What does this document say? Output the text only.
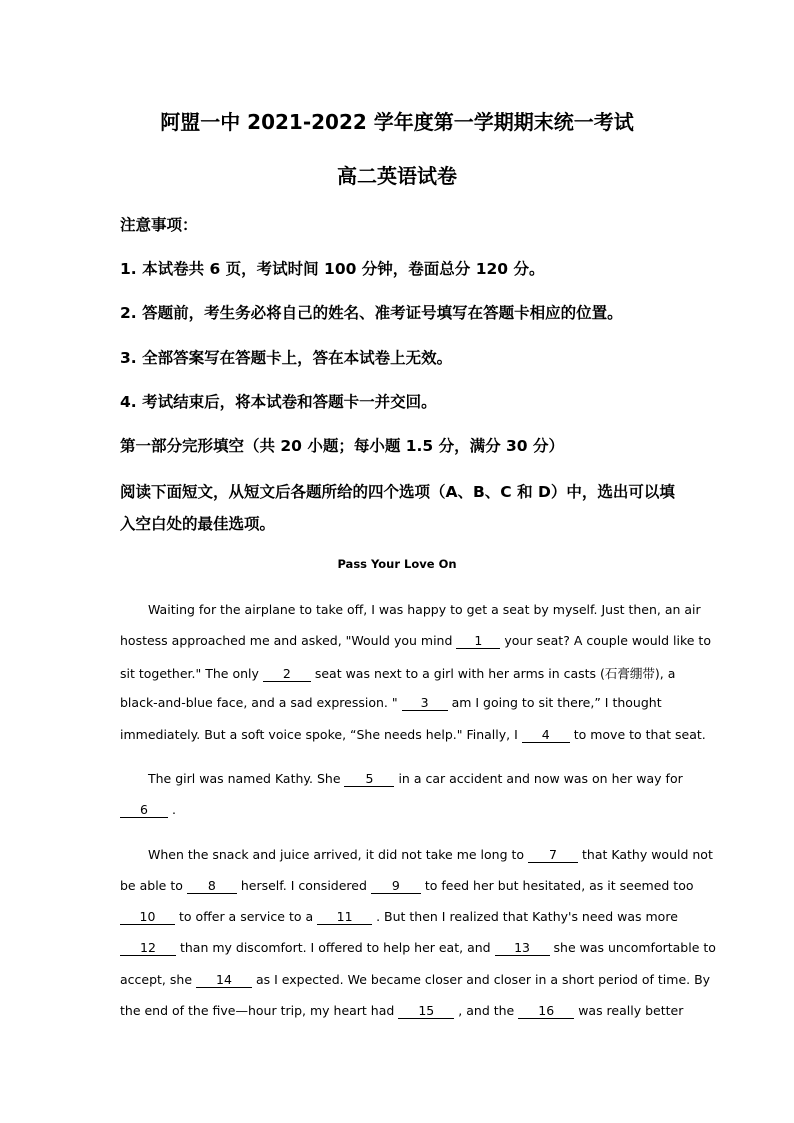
阿盟一中 2021-2022 学年度第一学期期末统一考试
高二英语试卷
注意事项：
1. 本试卷共 6 页，考试时间 100 分钟，卷面总分 120 分。
2. 答题前，考生务必将自己的姓名、准考证号填写在答题卡相应的位置。
3. 全部答案写在答题卡上，答在本试卷上无效。
4. 考试结束后，将本试卷和答题卡一并交回。
第一部分完形填空（共 20 小题；每小题 1.5 分，满分 30 分）
阅读下面短文，从短文后各题所给的四个选项（A、B、C 和 D）中，选出可以填
入空白处的最佳选项。
Pass Your Love On
Waiting for the airplane to take off, I was happy to get a seat by myself. Just then, an air
hostess approached me and asked, "Would you mind 1 your seat? A couple would like to
sit together." The only 2 seat was next to a girl with her arms in casts (石膏绷带), a
black-and-blue face, and a sad expression. " 3 am I going to sit there,” I thought
immediately. But a soft voice spoke, “She needs help." Finally, I 4 to move to that seat.
The girl was named Kathy. She 5 in a car accident and now was on her way for
6 .
When the snack and juice arrived, it did not take me long to 7 that Kathy would not
be able to 8 herself. I considered 9 to feed her but hesitated, as it seemed too
10 to offer a service to a 11 . But then I realized that Kathy's need was more
12 than my discomfort. I offered to help her eat, and 13 she was uncomfortable to
accept, she 14 as I expected. We became closer and closer in a short period of time. By
the end of the five—hour trip, my heart had 15 , and the 16 was really better
